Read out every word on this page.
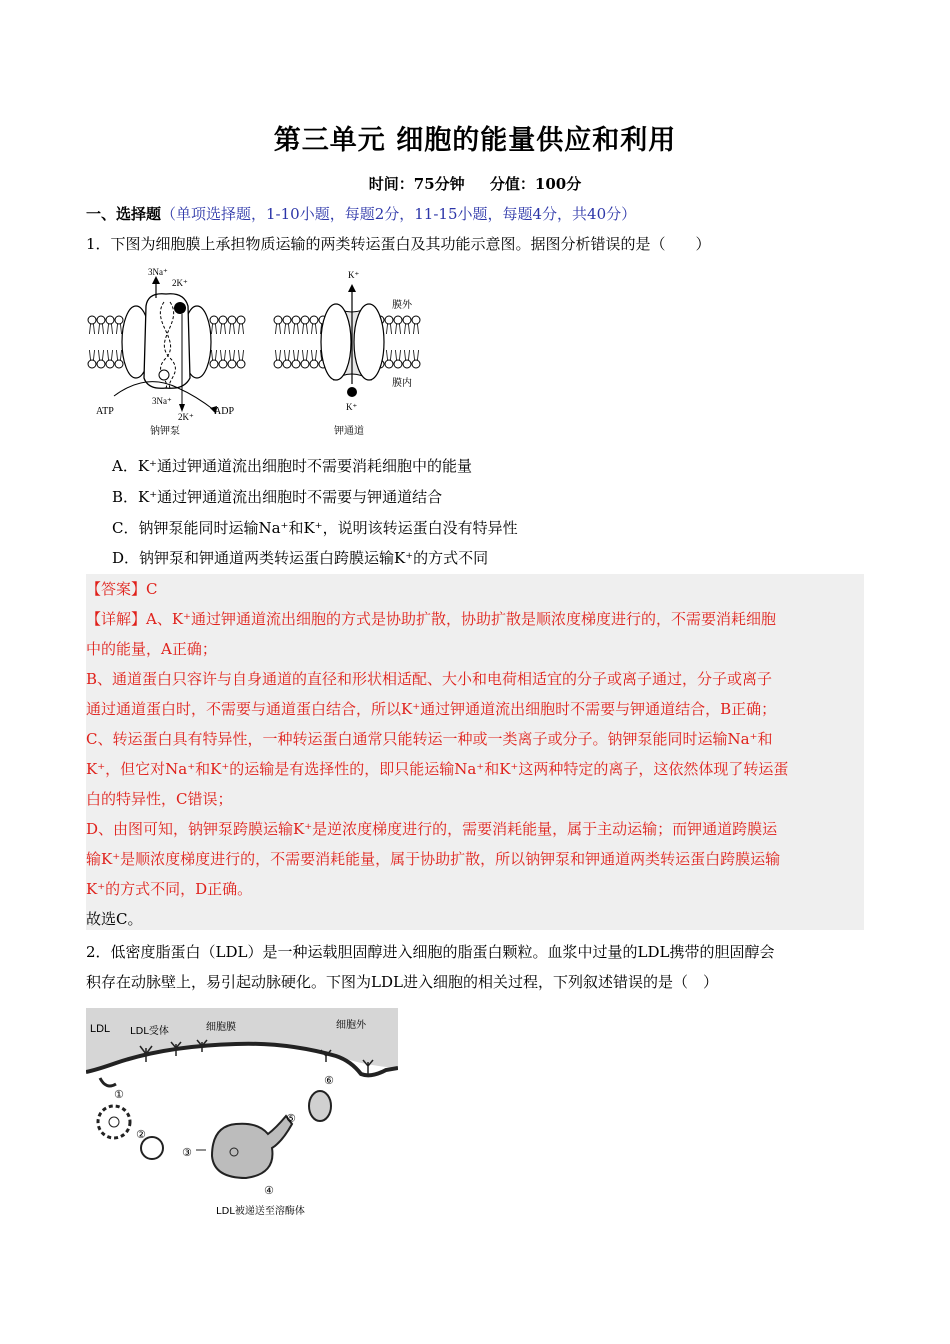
第三单元 细胞的能量供应和利用
时间：75分钟 分值：100分
一、选择题（单项选择题，1-10小题，每题2分，11-15小题，每题4分，共40分）
1．下图为细胞膜上承担物质运输的两类转运蛋白及其功能示意图。据图分析错误的是（　　）
3Na⁺
2K⁺
ATP
3Na⁺
2K⁺ ADP
钠钾泵
K⁺
膜外
膜内
K⁺
钾通道
A．K⁺通过钾通道流出细胞时不需要消耗细胞中的能量
B．K⁺通过钾通道流出细胞时不需要与钾通道结合
C．钠钾泵能同时运输Na⁺和K⁺，说明该转运蛋白没有特异性
D．钠钾泵和钾通道两类转运蛋白跨膜运输K⁺的方式不同

【答案】C

【详解】A、K⁺通过钾通道流出细胞的方式是协助扩散，协助扩散是顺浓度梯度进行的，不需要消耗细胞

中的能量，A正确；

B、通道蛋白只容许与自身通道的直径和形状相适配、大小和电荷相适宜的分子或离子通过，分子或离子

通过通道蛋白时，不需要与通道蛋白结合，所以K⁺通过钾通道流出细胞时不需要与钾通道结合，B正确；

C、转运蛋白具有特异性，一种转运蛋白通常只能转运一种或一类离子或分子。钠钾泵能同时运输Na⁺和

K⁺，但它对Na⁺和K⁺的运输是有选择性的，即只能运输Na⁺和K⁺这两种特定的离子，这依然体现了转运蛋

白的特异性，C错误；

D、由图可知，钠钾泵跨膜运输K⁺是逆浓度梯度进行的，需要消耗能量，属于主动运输；而钾通道跨膜运

输K⁺是顺浓度梯度进行的，不需要消耗能量，属于协助扩散，所以钠钾泵和钾通道两类转运蛋白跨膜运输

K⁺的方式不同，D正确。

故选C。

2．低密度脂蛋白（LDL）是一种运载胆固醇进入细胞的脂蛋白颗粒。血浆中过量的LDL携带的胆固醇会
积存在动脉壁上，易引起动脉硬化。下图为LDL进入细胞的相关过程，下列叙述错误的是（　）
LDL LDL受体	细胞膜	细胞外
①
②
③
④
⑤
⑥
LDL被递送至溶酶体
